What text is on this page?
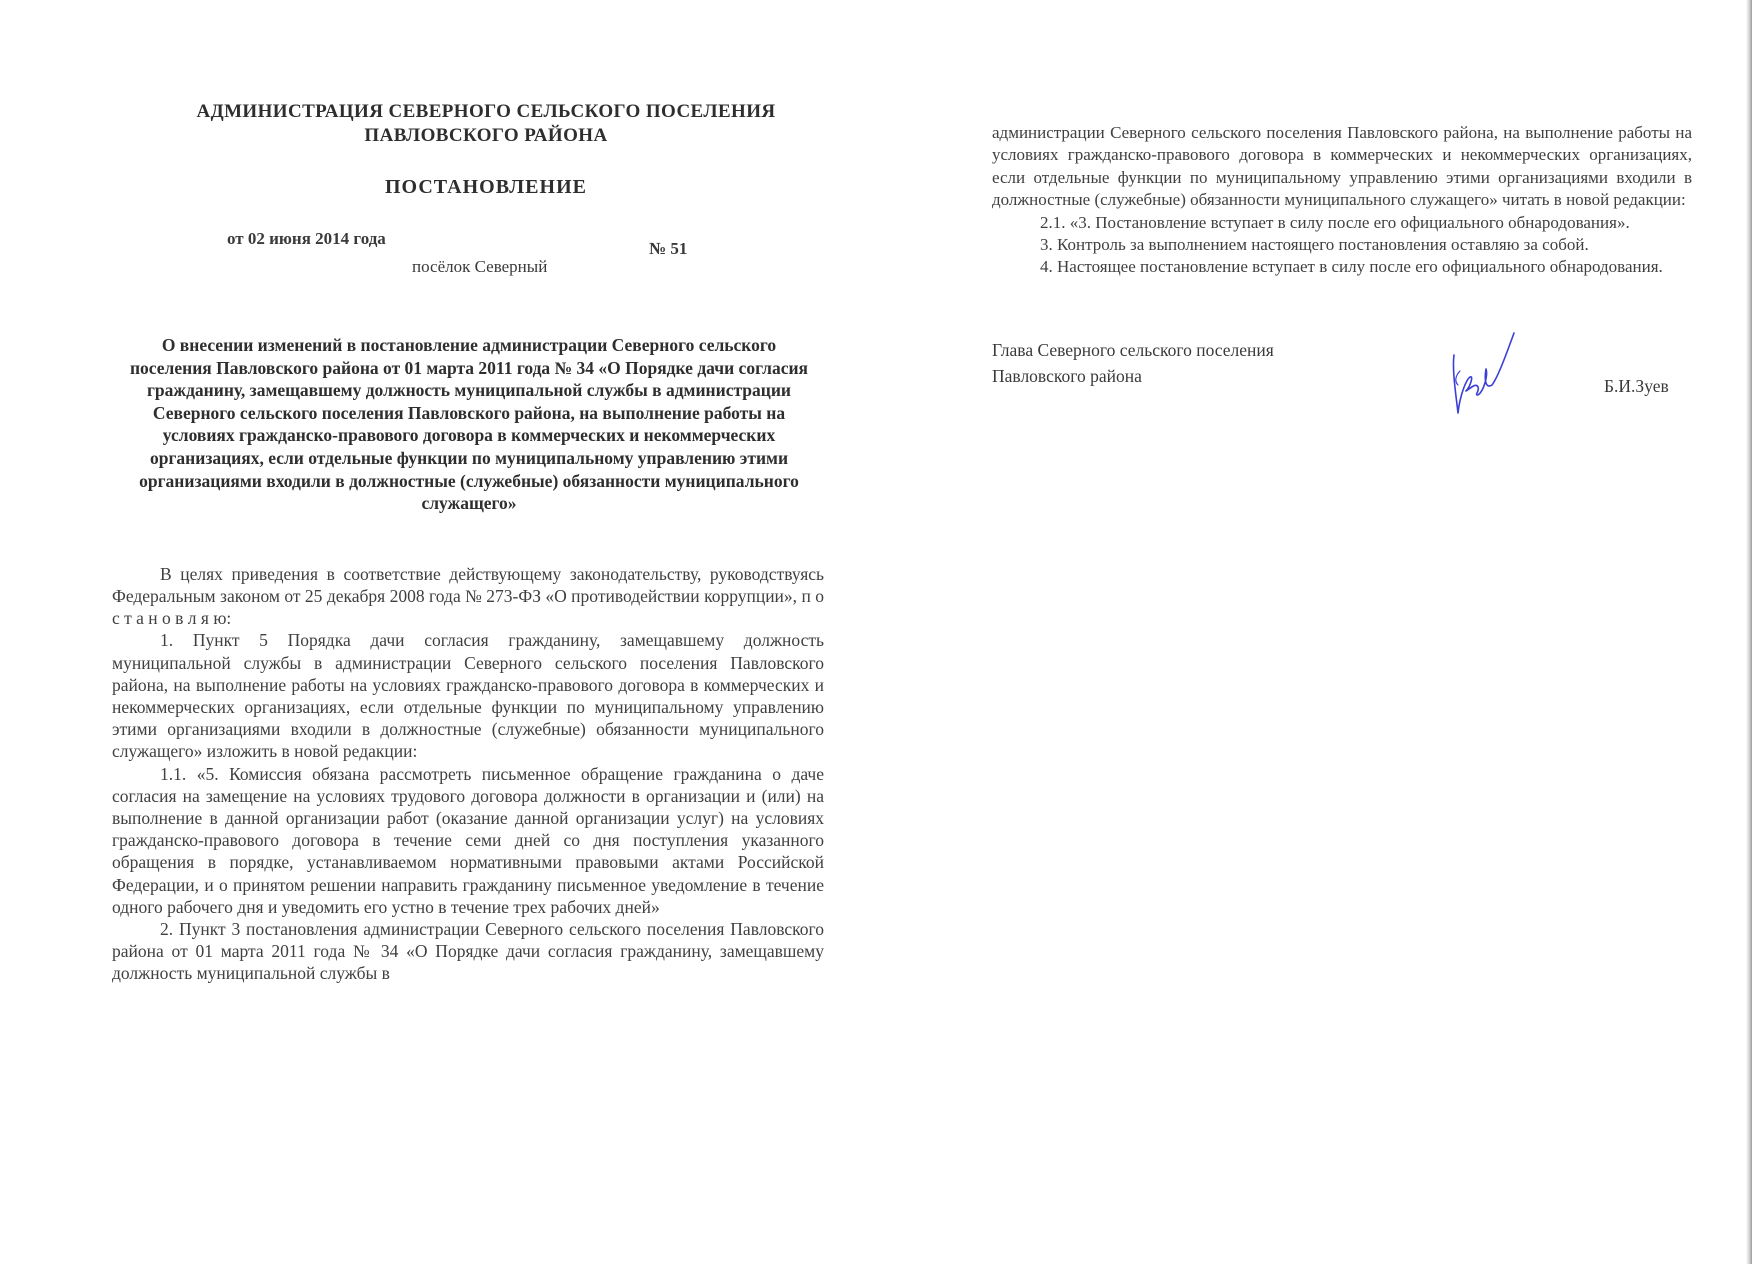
АДМИНИСТРАЦИЯ СЕВЕРНОГО СЕЛЬСКОГО ПОСЕЛЕНИЯ
ПАВЛОВСКОГО РАЙОНА
ПОСТАНОВЛЕНИЕ
от 02 июня 2014 года
№ 51
посёлок Северный
О внесении изменений в постановление администрации Северного сельского поселения Павловского района от 01 марта 2011 года № 34 «О Порядке дачи согласия гражданину, замещавшему должность муниципальной службы в администрации Северного сельского поселения Павловского района, на выполнение работы на условиях гражданско-правового договора в коммерческих и некоммерческих организациях, если отдельные функции по муниципальному управлению этими организациями входили в должностные (служебные) обязанности муниципального служащего»

В целях приведения в соответствие действующему законодательству, руководствуясь Федеральным законом от 25 декабря 2008 года № 273-ФЗ «О противодействии коррупции», п о с т а н о в л я ю:

1. Пункт 5 Порядка дачи согласия гражданину, замещавшему должность муниципальной службы в администрации Северного сельского поселения Павловского района, на выполнение работы на условиях гражданско-правового договора в коммерческих и некоммерческих организациях, если отдельные функции по муниципальному управлению этими организациями входили в должностные (служебные) обязанности муниципального служащего» изложить в новой редакции:

1.1. «5. Комиссия обязана рассмотреть письменное обращение гражданина о даче согласия на замещение на условиях трудового договора должности в организации и (или) на выполнение в данной организации работ (оказание данной организации услуг) на условиях гражданско-правового договора в течение семи дней со дня поступления указанного обращения в порядке, устанавливаемом нормативными правовыми актами Российской Федерации, и о принятом решении направить гражданину письменное уведомление в течение одного рабочего дня и уведомить его устно в течение трех рабочих дней»

2. Пункт 3 постановления администрации Северного сельского поселения Павловского района от 01 марта 2011 года № 34 «О Порядке дачи согласия гражданину, замещавшему должность муниципальной службы в

администрации Северного сельского поселения Павловского района, на выполнение работы на условиях гражданско-правового договора в коммерческих и некоммерческих организациях, если отдельные функции по муниципальному управлению этими организациями входили в должностные (служебные) обязанности муниципального служащего» читать в новой редакции:

2.1. «3. Постановление вступает в силу после его официального обнародования».

3. Контроль за выполнением настоящего постановления оставляю за собой.

4. Настоящее постановление вступает в силу после его официального обнародования.

Глава Северного сельского поселения
Павловского района	Б.И.Зуев
